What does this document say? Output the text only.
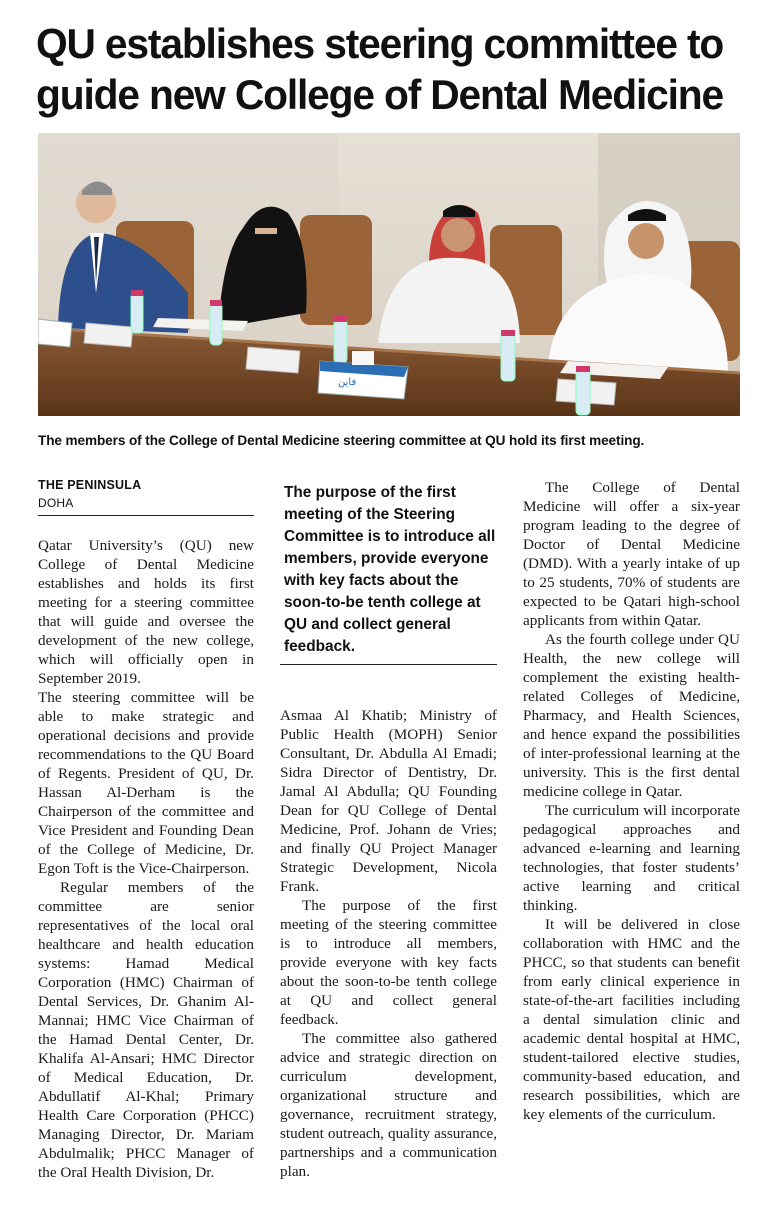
QU establishes steering committee to guide new College of Dental Medicine
فاين

The members of the College of Dental Medicine steering committee at QU hold its first meeting.

THE PENINSULA
DOHA

Qatar University’s (QU) new College of Dental Medicine establishes and holds its first meeting for a steering committee that will guide and oversee the development of the new college, which will officially open in September 2019.

The steering committee will be able to make strategic and operational decisions and provide recommendations to the QU Board of Regents. President of QU, Dr. Hassan Al-Derham is the Chairperson of the committee and Vice President and Founding Dean of the College of Medicine, Dr. Egon Toft is the Vice-Chairperson.

Regular members of the committee are senior representatives of the local oral healthcare and health education systems: Hamad Medical Corporation (HMC) Chairman of Dental Services, Dr. Ghanim Al-Mannai; HMC Vice Chairman of the Hamad Dental Center, Dr. Khalifa Al-Ansari; HMC Director of Medical Education, Dr. Abdullatif Al-Khal; Primary Health Care Corporation (PHCC) Managing Director, Dr. Mariam Abdulmalik; PHCC Manager of the Oral Health Division, Dr.

The purpose of the first meeting of the Steering Committee is to introduce all members, provide everyone with key facts about the soon-to-be tenth college at QU and collect general feedback.

Asmaa Al Khatib; Ministry of Public Health (MOPH) Senior Consultant, Dr. Abdulla Al Emadi; Sidra Director of Dentistry, Dr. Jamal Al Abdulla; QU Founding Dean for QU College of Dental Medicine, Prof. Johann de Vries; and finally QU Project Manager Strategic Development, Nicola Frank.

The purpose of the first meeting of the steering committee is to introduce all members, provide everyone with key facts about the soon-to-be tenth college at QU and collect general feedback.

The committee also gathered advice and strategic direction on curriculum development, organizational structure and governance, recruitment strategy, student outreach, quality assurance, partnerships and a communication plan.

The College of Dental Medicine will offer a six-year program leading to the degree of Doctor of Dental Medicine (DMD). With a yearly intake of up to 25 students, 70% of students are expected to be Qatari high-school applicants from within Qatar.

As the fourth college under QU Health, the new college will complement the existing health-related Colleges of Medicine, Pharmacy, and Health Sciences, and hence expand the possibilities of inter-professional learning at the university. This is the first dental medicine college in Qatar.

The curriculum will incorporate pedagogical approaches and advanced e-learning and learning technologies, that foster students’ active learning and critical thinking.

It will be delivered in close collaboration with HMC and the PHCC, so that students can benefit from early clinical experience in state-of-the-art facilities including a dental simulation clinic and academic dental hospital at HMC, student-tailored elective studies, community-based education, and research possibilities, which are key elements of the curriculum.
